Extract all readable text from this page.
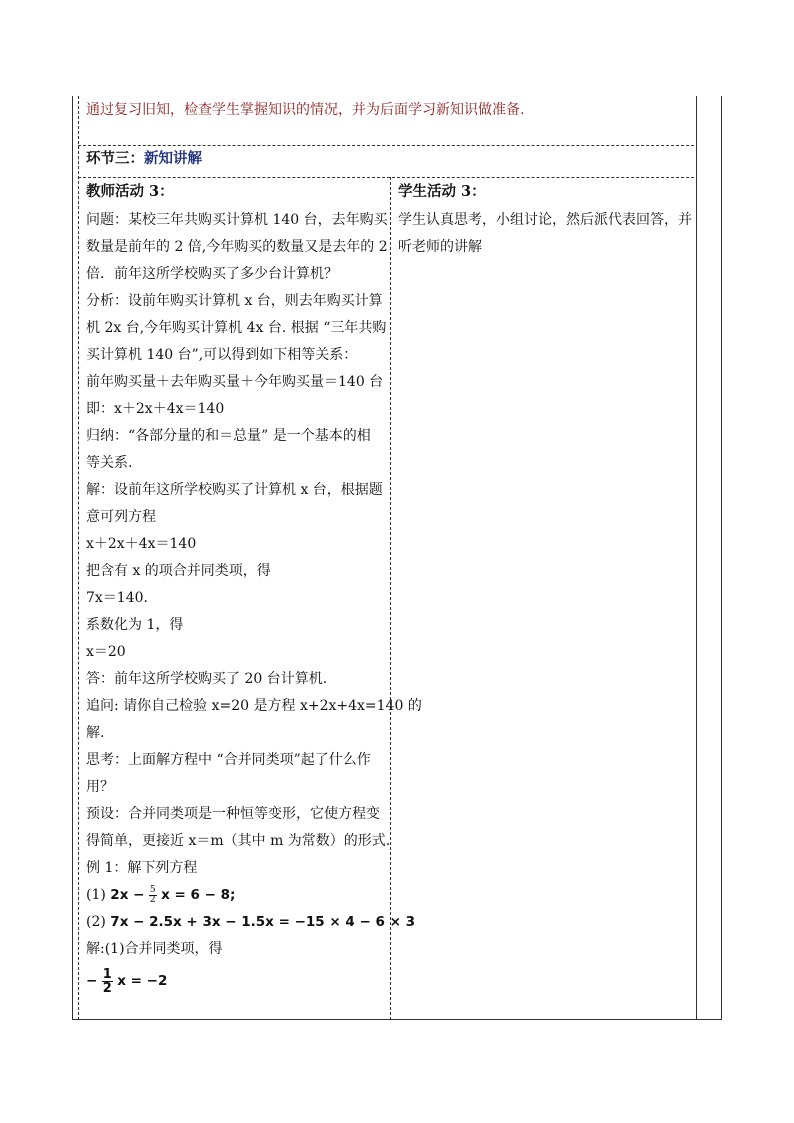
通过复习旧知，检查学生掌握知识的情况，并为后面学习新知识做准备.
环节三：新知讲解
教师活动 3：	学生活动 3：
问题：某校三年共购买计算机 140 台，去年购买
数量是前年的 2 倍,今年购买的数量又是去年的 2
倍．前年这所学校购买了多少台计算机？
分析：设前年购买计算机 x 台，则去年购买计算
机 2x 台,今年购买计算机 4x 台. 根据 “三年共购
买计算机 140 台”,可以得到如下相等关系：
前年购买量＋去年购买量＋今年购买量＝140 台
即：x＋2x＋4x＝140
归纳：“各部分量的和＝总量” 是一个基本的相
等关系.
解：设前年这所学校购买了计算机 x 台，根据题
意可列方程
x＋2x＋4x＝140
把含有 x 的项合并同类项，得
7x＝140．
系数化为 1，得
x＝20
答：前年这所学校购买了 20 台计算机.
追问: 请你自己检验 x=20 是方程 x+2x+4x=140 的
解.
思考：上面解方程中 “合并同类项”起了什么作
用？
预设：合并同类项是一种恒等变形，它使方程变
得简单，更接近 x＝m（其中 m 为常数）的形式.
例 1：解下列方程
(1) $2x - \frac{5}{2}$ x = 6 − 8;
(2) 7x − 2.5x + 3x − 1.5x = −15 × 4 − 6 × 3
解:(1)合并同类项，得
− $\frac{1}{2}$ x = −2
学生认真思考，小组讨论，然后派代表回答，并
听老师的讲解
